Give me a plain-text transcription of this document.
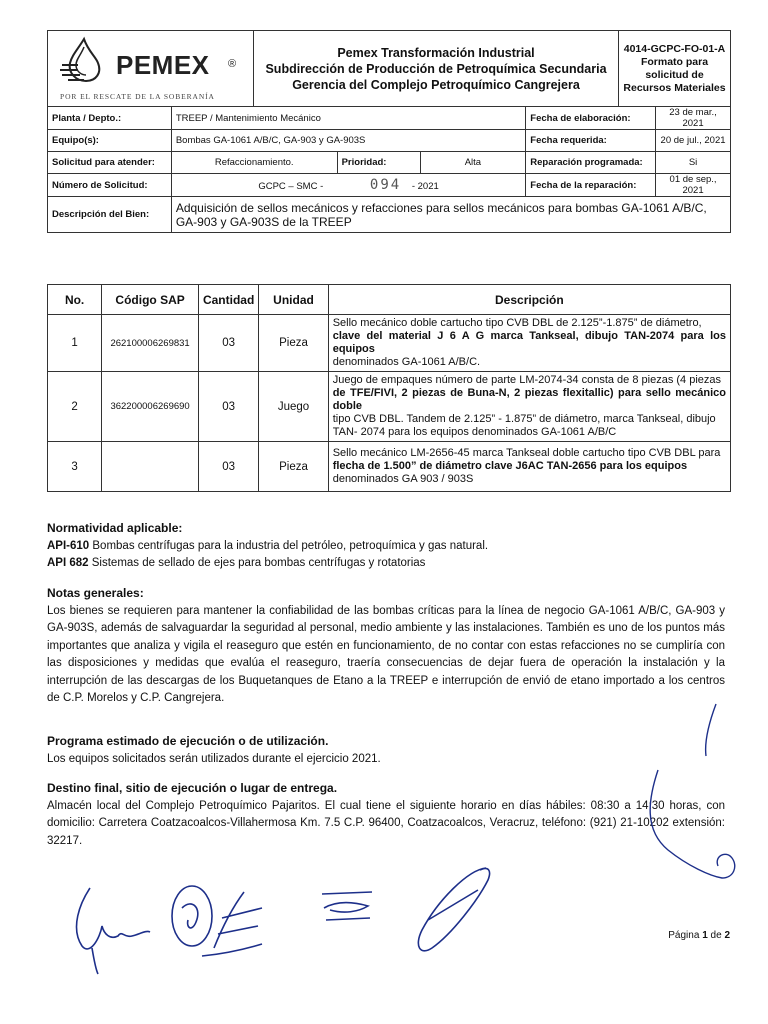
PEMEX ®
POR EL RESCATE DE LA SOBERANÍA

Pemex Transformación Industrial
Subdirección de Producción de Petroquímica Secundaria
Gerencia del Complejo Petroquímico Cangrejera

4014-GCPC-FO-01-A
Formato para
solicitud de
Recursos Materiales
Planta / Depto.:	TREEP / Mantenimiento Mecánico			Fecha de elaboración:	23 de mar., 2021
Equipo(s):	Bombas GA-1061 A/B/C, GA-903 y GA-903S			Fecha requerida:	20 de jul., 2021
Solicitud para atender:	Refaccionamiento.	Prioridad:	Alta	Reparación programada:	Si
Número de Solicitud:	GCPC – SMC - 094 - 2021			Fecha de la reparación:	01 de sep., 2021
Descripción del Bien:	Adquisición de sellos mecánicos y refacciones para sellos mecánicos para bombas GA-1061 A/B/C, GA-903 y GA-903S de la TREEP				
No.	Código SAP	Cantidad	Unidad	Descripción
1	262100006269831	03	Pieza	Sello mecánico doble cartucho tipo CVB DBL de 2.125”-1.875” de diámetro,
clave del material J 6 A G marca Tankseal, dibujo TAN-2074 para los equipos
denominados GA-1061 A/B/C.

2	362200006269690	03	Juego	Juego de empaques número de parte LM-2074-34 consta de 8 piezas (4 piezas
de TFE/FIVI, 2 piezas de Buna-N, 2 piezas flexitallic) para sello mecánico doble
tipo CVB DBL. Tandem de 2.125” - 1.875” de diámetro, marca Tankseal, dibujo
TAN- 2074 para los equipos denominados GA-1061 A/B/C

3		03	Pieza	Sello mecánico LM-2656-45 marca Tankseal doble cartucho tipo CVB DBL para
flecha de 1.500” de diámetro clave J6AC TAN-2656 para los equipos
denominados GA 903 / 903S
Normatividad aplicable:

API-610 Bombas centrífugas para la industria del petróleo, petroquímica y gas natural.

API 682 Sistemas de sellado de ejes para bombas centrífugas y rotatorias

Notas generales:

Los bienes se requieren para mantener la confiabilidad de las bombas críticas para la línea de negocio GA-1061 A/B/C, GA-903 y GA-903S, además de salvaguardar la seguridad al personal, medio ambiente y las instalaciones. También es uno de los puntos más importantes que analiza y vigila el reaseguro que estén en funcionamiento, de no contar con estas refacciones no se cumpliría con las disposiciones y medidas que evalúa el reaseguro, traería consecuencias de dejar fuera de operación la instalación y la interrupción de las descargas de los Buquetanques de Etano a la TREEP e interrupción de envió de etano importado a los centros de C.P. Morelos y C.P. Cangrejera.

Programa estimado de ejecución o de utilización.

Los equipos solicitados serán utilizados durante el ejercicio 2021.

Destino final, sitio de ejecución o lugar de entrega.

Almacén local del Complejo Petroquímico Pajaritos. El cual tiene el siguiente horario en días hábiles: 08:30 a 14:30 horas, con domicilio: Carretera Coatzacoalcos-Villahermosa Km. 7.5 C.P. 96400, Coatzacoalcos, Veracruz, teléfono: (921) 21-10202 extensión: 32217.

Página 1 de 2
